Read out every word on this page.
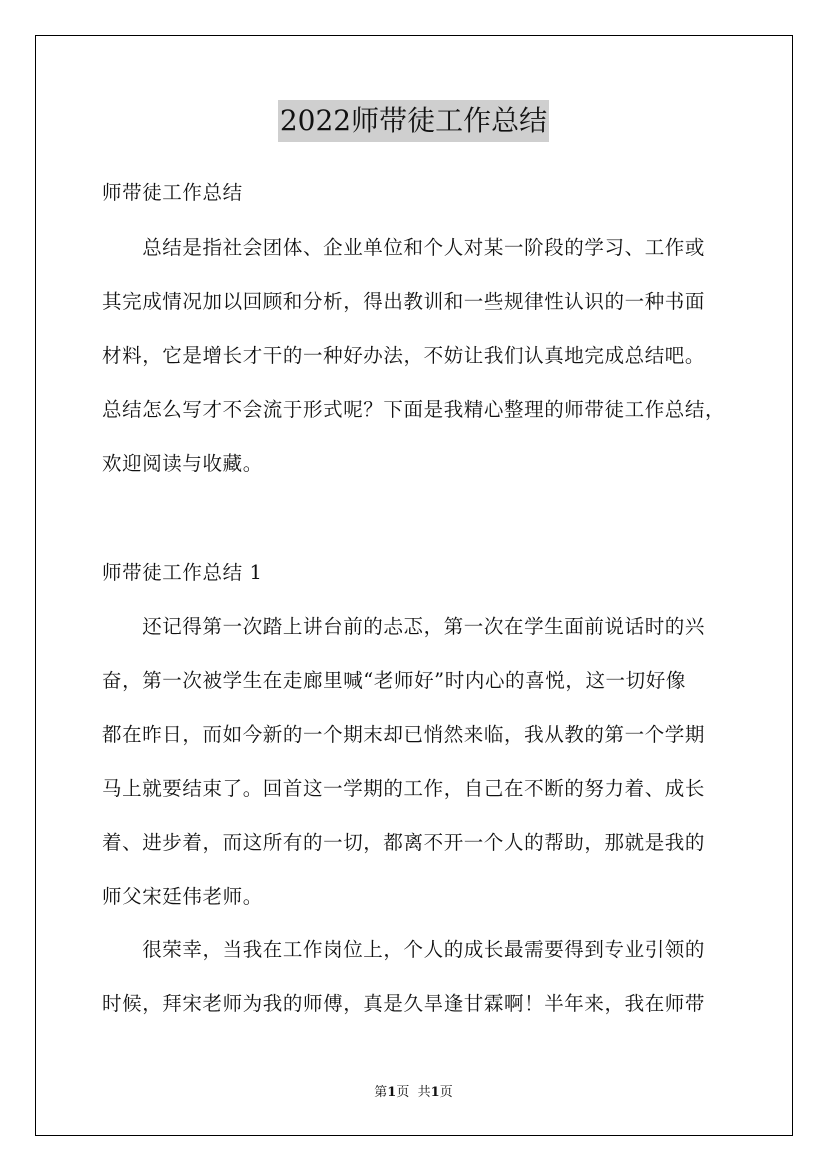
2022师带徒工作总结
师带徒工作总结
　　总结是指社会团体、企业单位和个人对某一阶段的学习、工作或
其完成情况加以回顾和分析，得出教训和一些规律性认识的一种书面
材料，它是增长才干的一种好办法，不妨让我们认真地完成总结吧。
总结怎么写才不会流于形式呢？下面是我精心整理的师带徒工作总结，
欢迎阅读与收藏。
师带徒工作总结 1
　　还记得第一次踏上讲台前的忐忑，第一次在学生面前说话时的兴
奋，第一次被学生在走廊里喊“老师好”时内心的喜悦，这一切好像
都在昨日，而如今新的一个期末却已悄然来临，我从教的第一个学期
马上就要结束了。回首这一学期的工作，自己在不断的努力着、成长
着、进步着，而这所有的一切，都离不开一个人的帮助，那就是我的
师父宋廷伟老师。
　　很荣幸，当我在工作岗位上，个人的成长最需要得到专业引领的
时候，拜宋老师为我的师傅，真是久旱逢甘霖啊！半年来，我在师带
第1页 共1页
